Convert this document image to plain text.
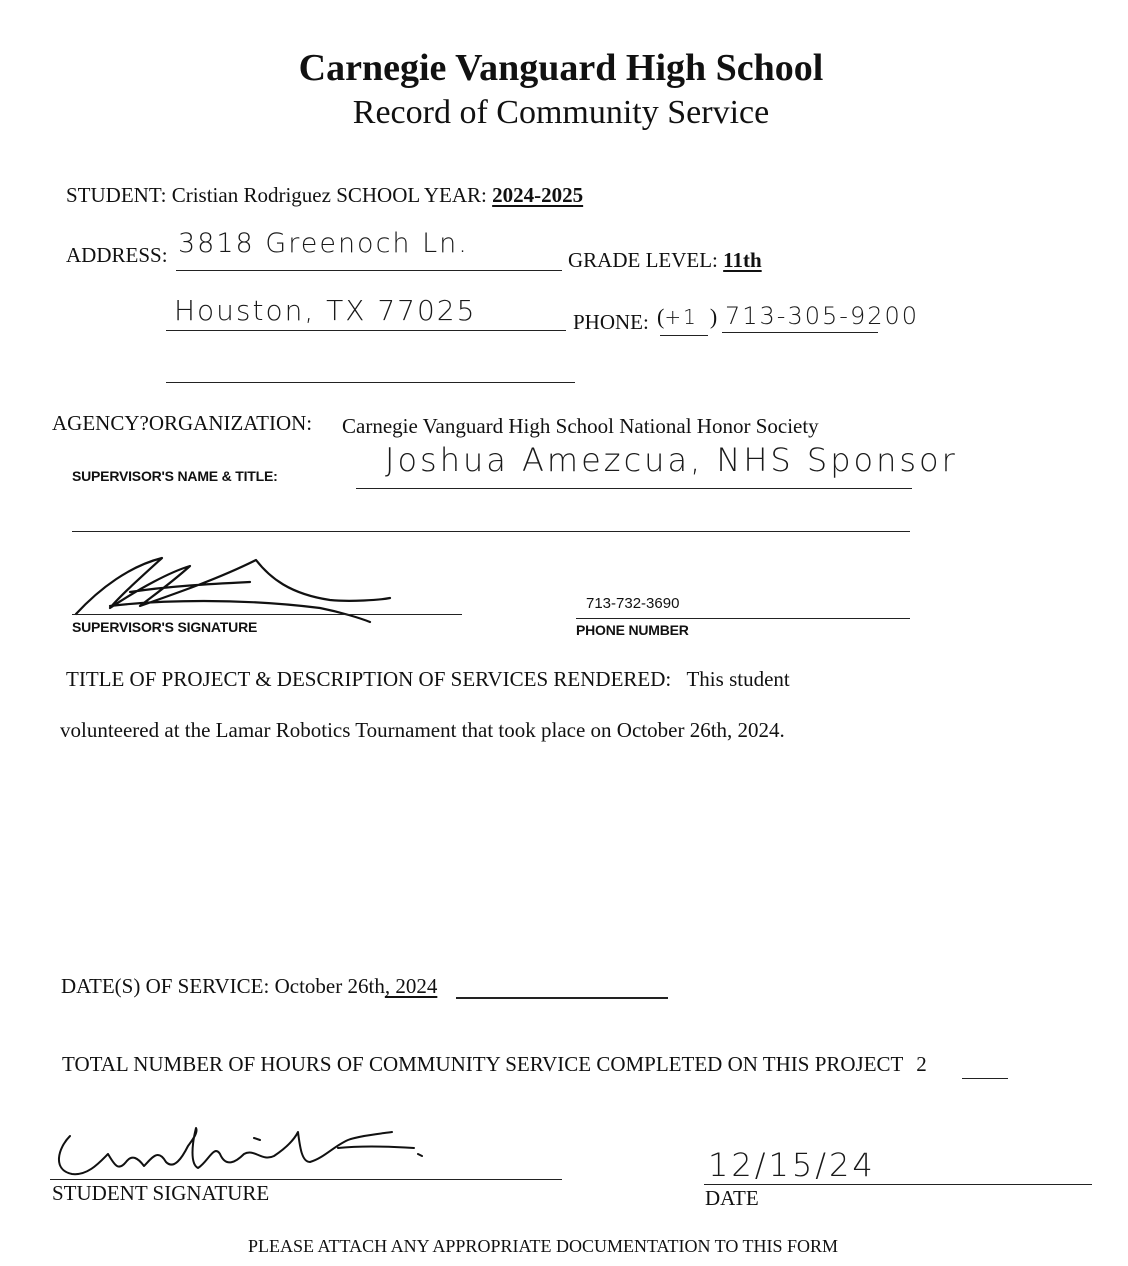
Carnegie Vanguard High School
Record of Community Service
STUDENT: Cristian Rodriguez SCHOOL YEAR: 2024-2025
ADDRESS: 3818 Greenoch Ln.
GRADE LEVEL: 11th
Houston, TX 77025	PHONE: (+1 ) 713-305-9200
AGENCY?ORGANIZATION: Carnegie Vanguard High School National Honor Society
SUPERVISOR'S NAME & TITLE:	Joshua Amezcua, NHS Sponsor
SUPERVISOR'S SIGNATURE
713-732-3690
PHONE NUMBER
TITLE OF PROJECT & DESCRIPTION OF SERVICES RENDERED: This student
volunteered at the Lamar Robotics Tournament that took place on October 26th, 2024.
DATE(S) OF SERVICE: October 26th, 2024
TOTAL NUMBER OF HOURS OF COMMUNITY SERVICE COMPLETED ON THIS PROJECT 2
STUDENT SIGNATURE
12/15/24
DATE
PLEASE ATTACH ANY APPROPRIATE DOCUMENTATION TO THIS FORM
